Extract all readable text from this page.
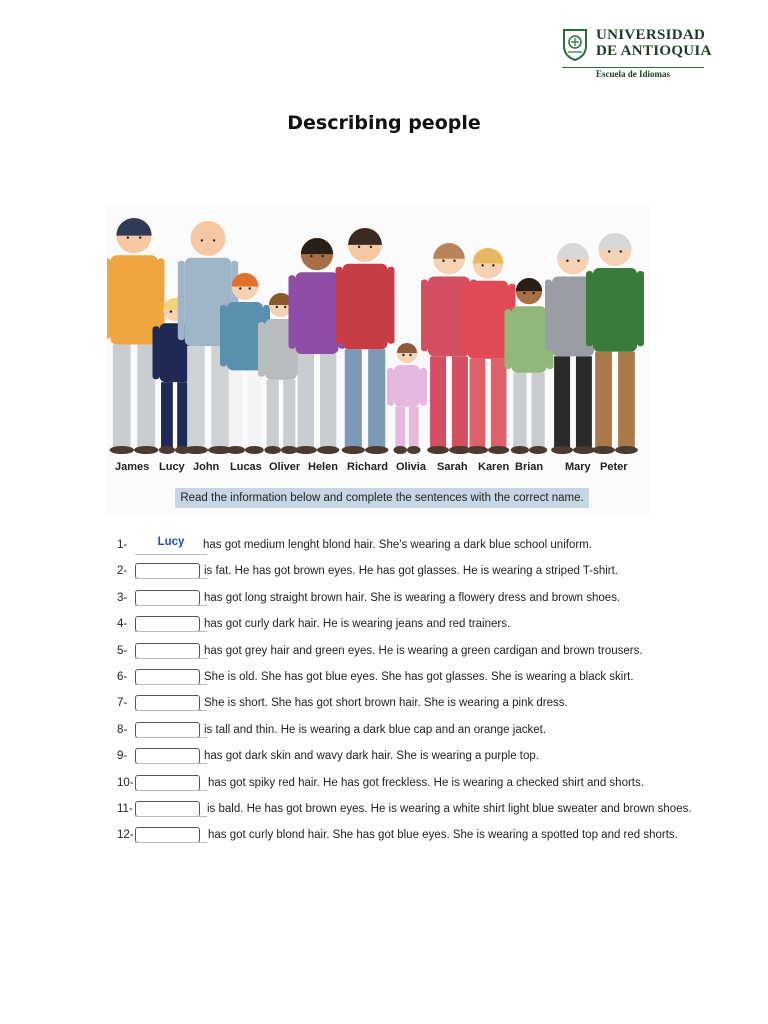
UNIVERSIDAD
DE ANTIOQUIA
Escuela de Idiomas
Describing people
James Lucy John Lucas Oliver Helen Richard Olivia Sarah Karen Brian Mary Peter
Read the information below and complete the sentences with the correct name.
1-	Lucy	has got medium lenght blond hair. She's wearing a dark blue school uniform.
2-	is fat. He has got brown eyes. He has got glasses. He is wearing a striped T-shirt.
3-	has got long straight brown hair. She is wearing a flowery dress and brown shoes.
4-	has got curly dark hair. He is wearing jeans and red trainers.
5-	has got grey hair and green eyes. He is wearing a green cardigan and brown trousers.
6-	She is old. She has got blue eyes. She has got glasses. She is wearing a black skirt.
7-	She is short. She has got short brown hair. She is wearing a pink dress.
8-	is tall and thin. He is wearing a dark blue cap and an orange jacket.
9-	has got dark skin and wavy dark hair. She is wearing a purple top.
10-	has got spiky red hair. He has got freckless. He is wearing a checked shirt and shorts.
11-	is bald. He has got brown eyes. He is wearing a white shirt light blue sweater and brown shoes.
12-	has got curly blond hair. She has got blue eyes. She is wearing a spotted top and red shorts.
